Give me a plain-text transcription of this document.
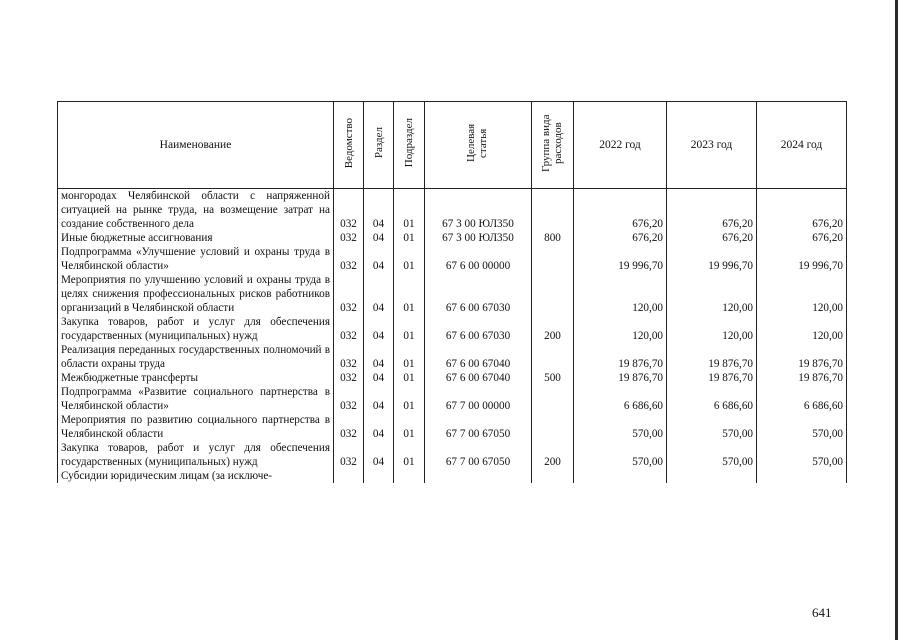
Наименование	Ведомство	Раздел	Подраздел	Целевая статья	Группа вида расходов	2022 год	2023 год	2024 год
монгородах Челябинской области с напряженной ситуацией на рынке труда, на возмещение затрат на создание собственного дела	032	04	01	67 3 00 ЮЛ350		676,20	676,20	676,20
Иные бюджетные ассигнования	032	04	01	67 3 00 ЮЛ350	800	676,20	676,20	676,20
Подпрограмма «Улучшение условий и охраны труда в Челябинской области»	032	04	01	67 6 00 00000		19 996,70	19 996,70	19 996,70
Мероприятия по улучшению условий и охраны труда в целях снижения профессиональных рисков работников организаций в Челябинской области	032	04	01	67 6 00 67030		120,00	120,00	120,00
Закупка товаров, работ и услуг для обеспечения государственных (муниципальных) нужд	032	04	01	67 6 00 67030	200	120,00	120,00	120,00
Реализация переданных государственных полномочий в области охраны труда	032	04	01	67 6 00 67040		19 876,70	19 876,70	19 876,70
Межбюджетные трансферты	032	04	01	67 6 00 67040	500	19 876,70	19 876,70	19 876,70
Подпрограмма «Развитие социального партнерства в Челябинской области»	032	04	01	67 7 00 00000		6 686,60	6 686,60	6 686,60
Мероприятия по развитию социального партнерства в Челябинской области	032	04	01	67 7 00 67050		570,00	570,00	570,00
Закупка товаров, работ и услуг для обеспечения государственных (муниципальных) нужд	032	04	01	67 7 00 67050	200	570,00	570,00	570,00
Субсидии юридическим лицам (за исключе-								
641
